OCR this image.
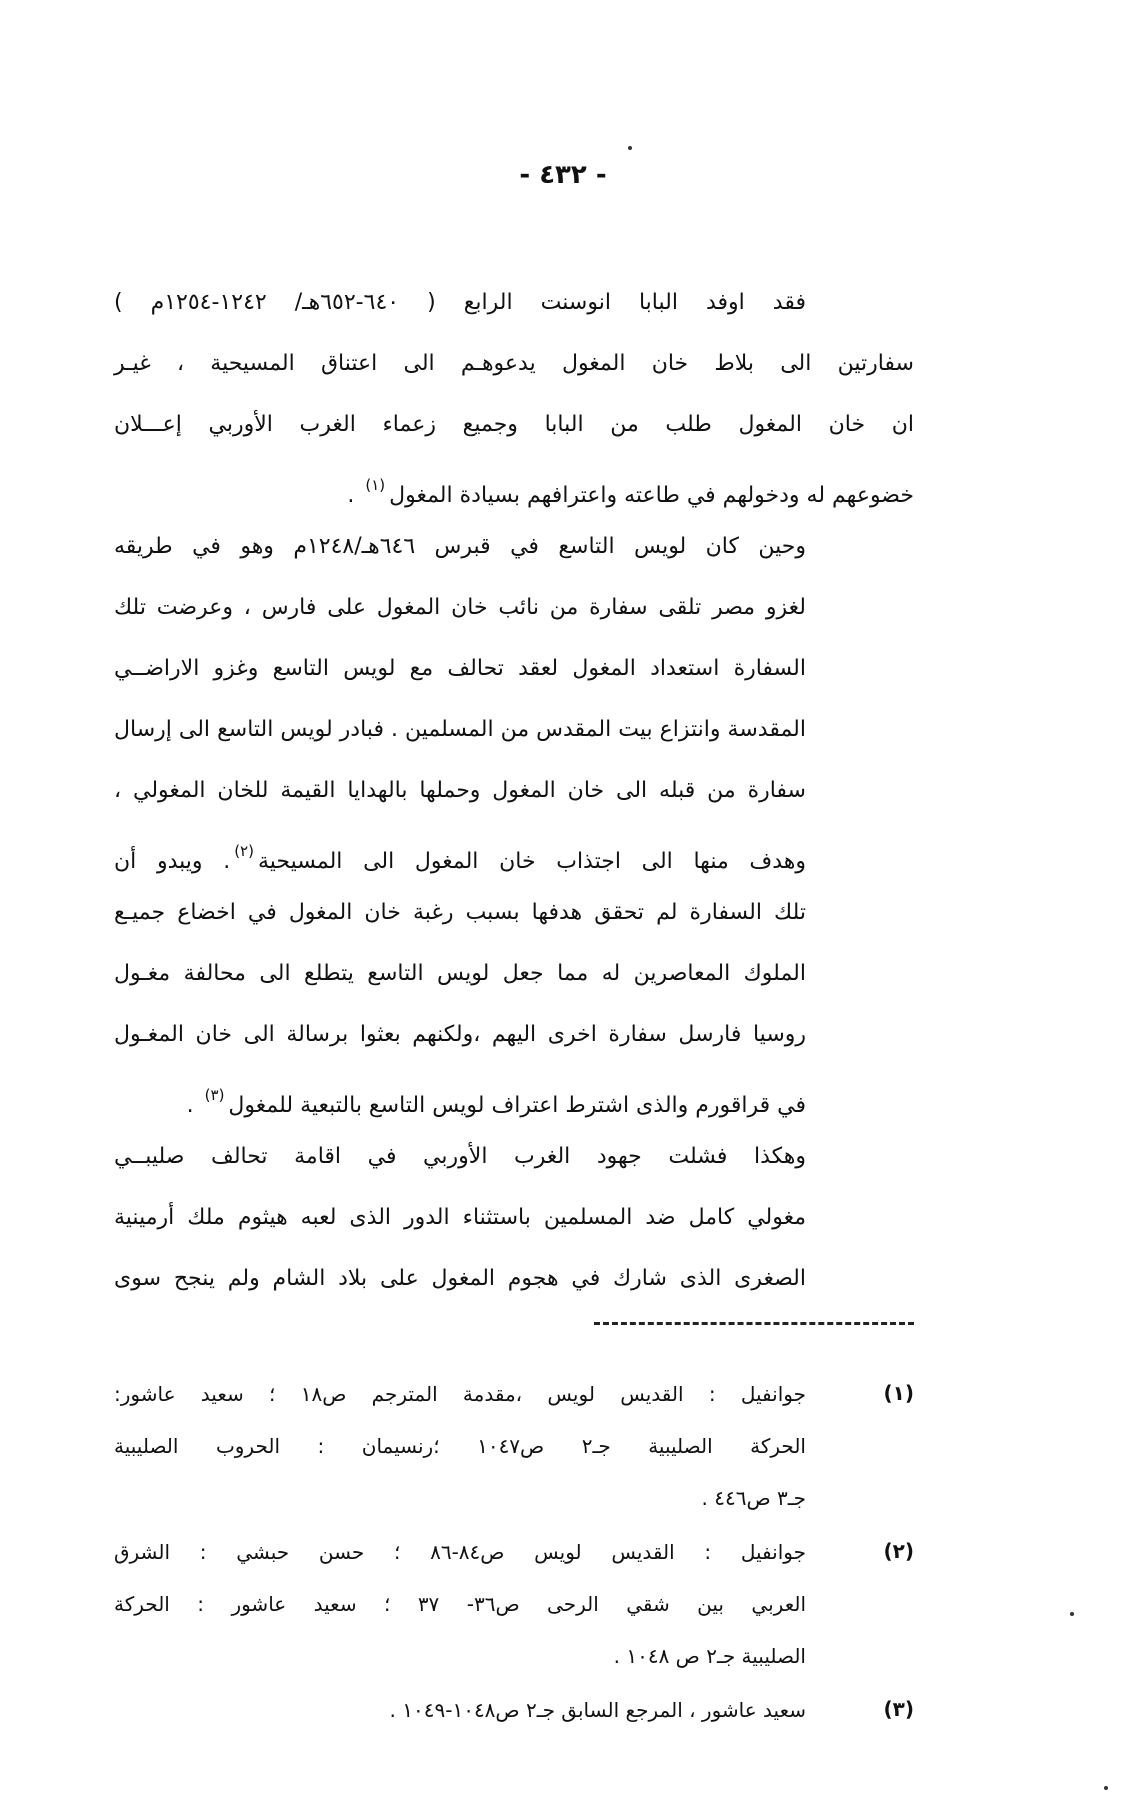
- ٤٣٢ -
فقد اوفد البابا انوسنت الرابع ( ٦٤٠-٦٥٢هـ/ ١٢٤٢-١٢٥٤م )
سفارتين الى بلاط خان المغول يدعوهـم الى اعتناق المسيحية ، غيـر
ان خان المغول طلب من البابا وجميع زعماء الغرب الأوربي إعـــلان
خضوعهم له ودخولهم في طاعته واعترافهم بسيادة المغول$^{(١)}$ .
وحين كان لويس التاسع في قبرس ٦٤٦هـ/١٢٤٨م وهو في طريقه
لغزو مصر تلقى سفارة من نائب خان المغول على فارس ، وعرضت تلك
السفارة استعداد المغول لعقد تحالف مع لويس التاسع وغزو الاراضــي
المقدسة وانتزاع بيت المقدس من المسلمين . فبادر لويس التاسع الى إرسال
سفارة من قبله الى خان المغول وحملها بالهدايا القيمة للخان المغولي ،
وهدف منها الى اجتذاب خان المغول الى المسيحية$^{(٢)}$. ويبدو أن
تلك السفارة لم تحقق هدفها بسبب رغبة خان المغول في اخضاع جميـع
الملوك المعاصرين له مما جعل لويس التاسع يتطلع الى محالفة مغـول
روسيا فارسل سفارة اخرى اليهم ،ولكنهم بعثوا برسالة الى خان المغـول
في قراقورم والذى اشترط اعتراف لويس التاسع بالتبعية للمغول$^{(٣)}$ .
وهكذا فشلت جهود الغرب الأوربي في اقامة تحالف صليبــي
مغولي كامل ضد المسلمين باستثناء الدور الذى لعبه هيثوم ملك أرمينية
الصغرى الذى شارك في هجوم المغول على بلاد الشام ولم ينجح سوى
(١)
جوانفيل : القديس لويس ،مقدمة المترجم ص١٨ ؛ سعيد عاشور:
الحركة الصليبية جـ٢ ص١٠٤٧ ؛رنسيمان : الحروب الصليبية
جـ٣ ص٤٤٦ .
(٢)
جوانفيل : القديس لويس ص٨٤-٨٦ ؛ حسن حبشي : الشرق
العربي بين شقي الرحى ص٣٦- ٣٧ ؛ سعيد عاشور : الحركة
الصليبية جـ٢ ص ١٠٤٨ .
(٣)
سعيد عاشور ، المرجع السابق جـ٢ ص١٠٤٨-١٠٤٩ .
